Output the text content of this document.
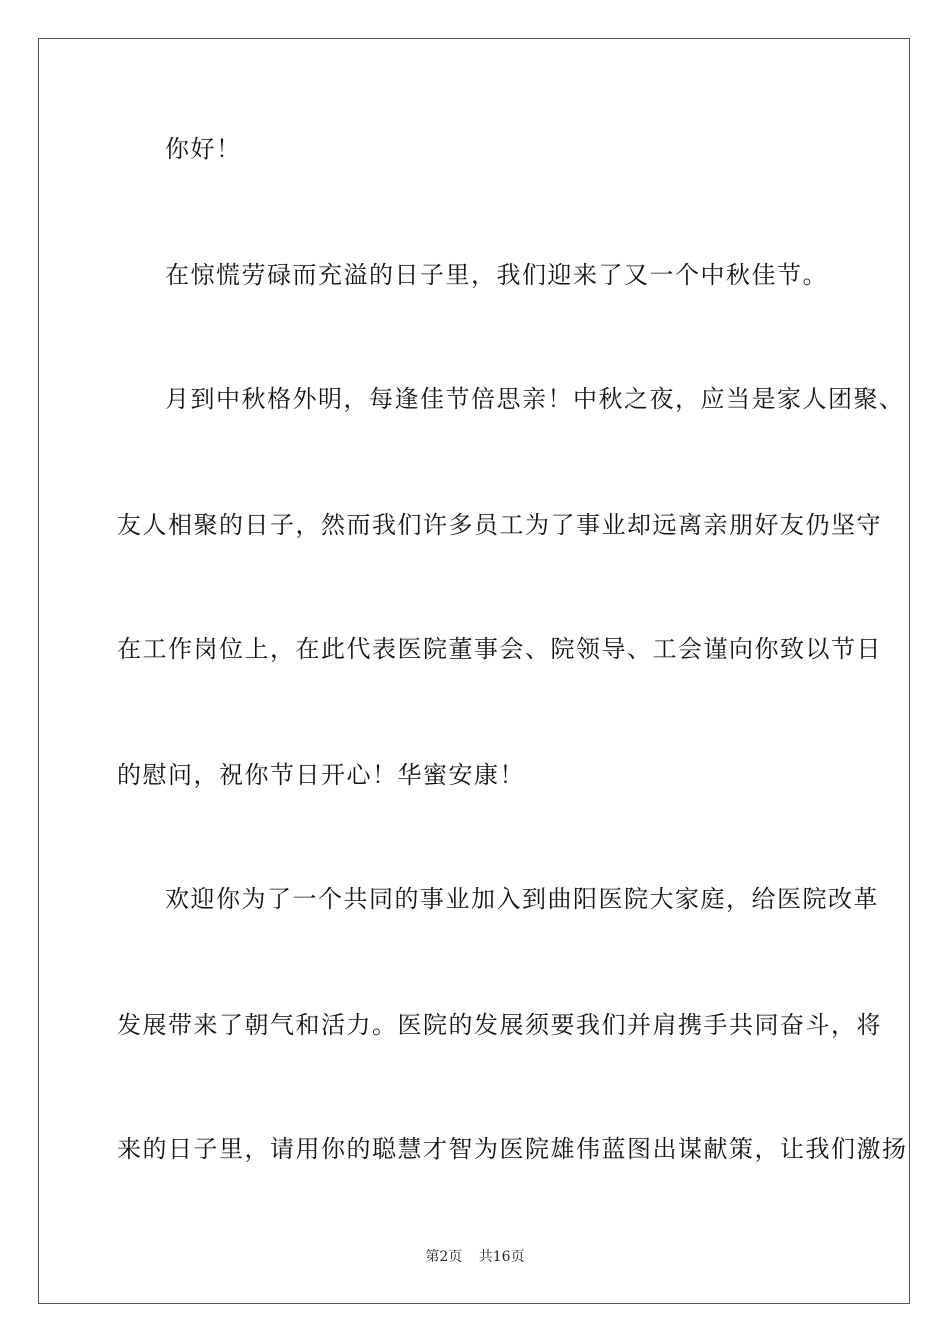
你好！
在惊慌劳碌而充溢的日子里，我们迎来了又一个中秋佳节。
月到中秋格外明，每逢佳节倍思亲！中秋之夜，应当是家人团聚、
友人相聚的日子，然而我们许多员工为了事业却远离亲朋好友仍坚守
在工作岗位上，在此代表医院董事会、院领导、工会谨向你致以节日
的慰问，祝你节日开心！华蜜安康！
欢迎你为了一个共同的事业加入到曲阳医院大家庭，给医院改革
发展带来了朝气和活力。医院的发展须要我们并肩携手共同奋斗，将
来的日子里，请用你的聪慧才智为医院雄伟蓝图出谋献策，让我们激扬
第2页 共16页
